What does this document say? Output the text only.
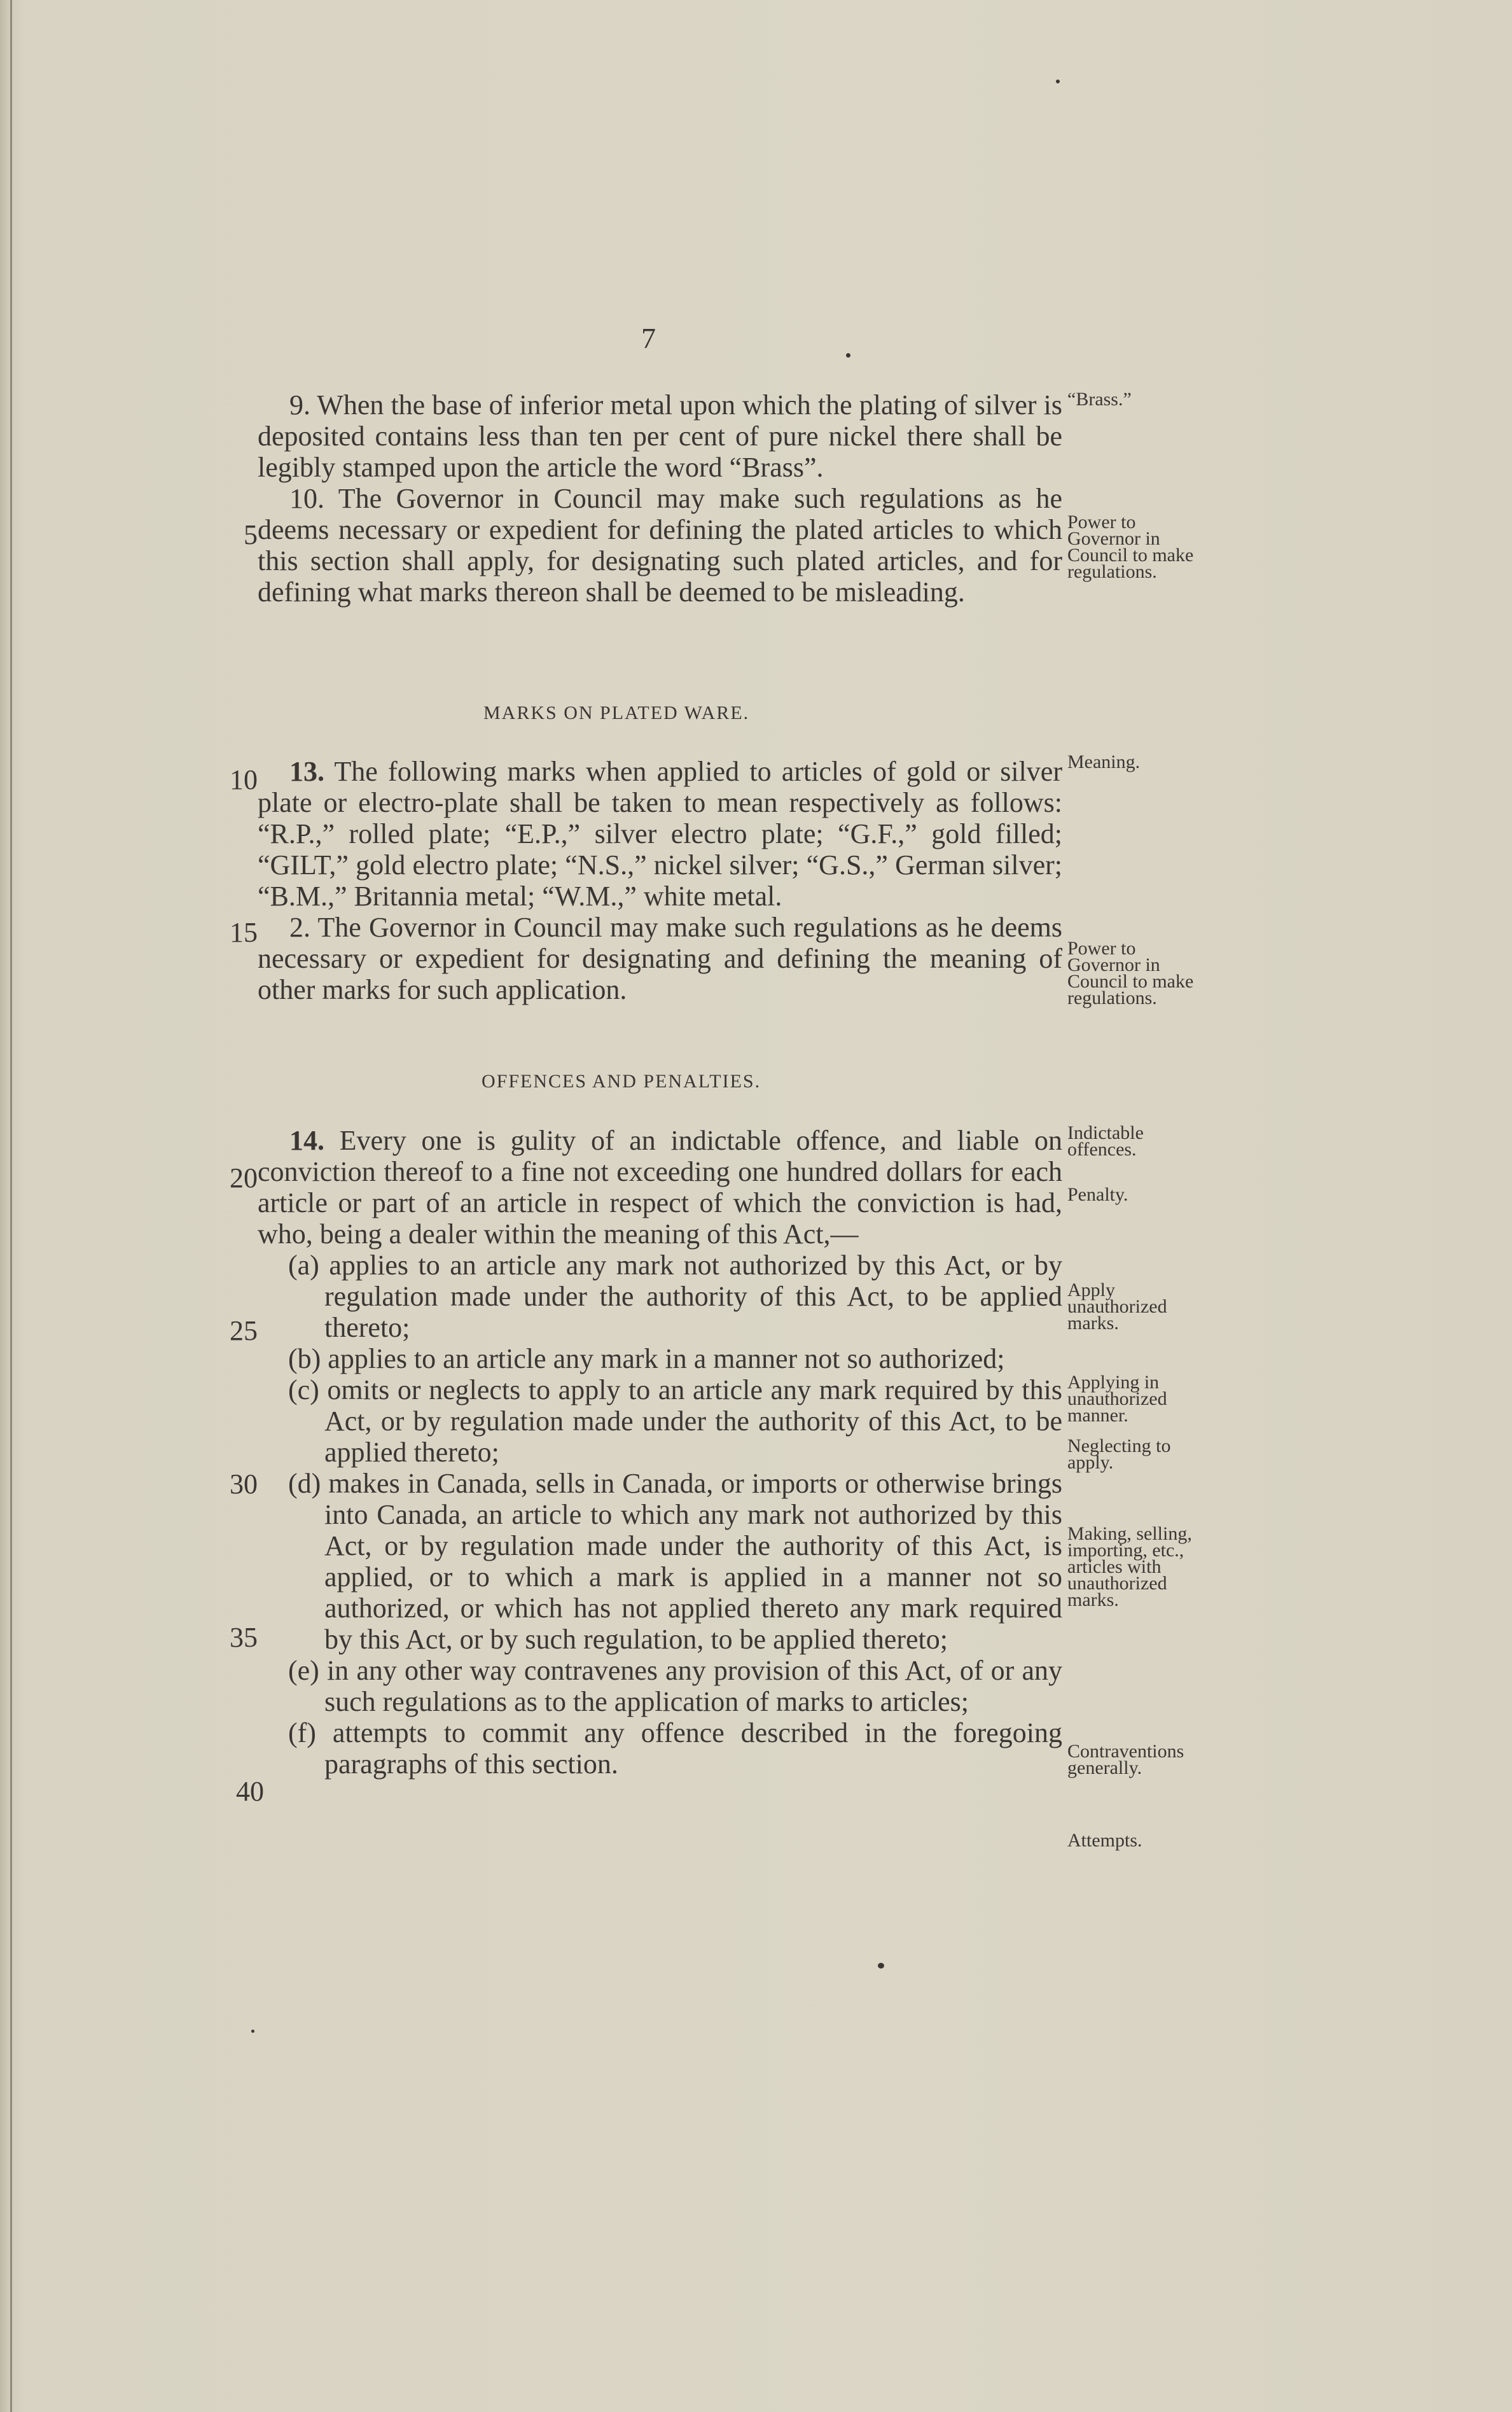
7
5
10
15
20
25
30
35
40

9. When the base of inferior metal upon which the plating of silver is deposited contains less than ten per cent of pure nickel there shall be legibly stamped upon the article the word “Brass”.

10. The Governor in Council may make such regulations as he deems necessary or expedient for defining the plated articles to which this section shall apply, for designating such plated articles, and for defining what marks thereon shall be deemed to be misleading.

MARKS ON PLATED WARE.

13. The following marks when applied to articles of gold or silver plate or electro-plate shall be taken to mean respectively as follows: “R.P.,” rolled plate; “E.P.,” silver electro plate; “G.F.,” gold filled; “GILT,” gold electro plate; “N.S.,” nickel silver; “G.S.,” German silver; “B.M.,” Britannia metal; “W.M.,” white metal.

2. The Governor in Council may make such regulations as he deems necessary or expedient for designating and defining the meaning of other marks for such application.

OFFENCES AND PENALTIES.

14. Every one is gulity of an indictable offence, and liable on conviction thereof to a fine not exceeding one hundred dollars for each article or part of an article in respect of which the conviction is had, who, being a dealer within the meaning of this Act,—

(a) applies to an article any mark not authorized by this Act, or by regulation made under the authority of this Act, to be applied thereto;

(b) applies to an article any mark in a manner not so authorized;

(c) omits or neglects to apply to an article any mark required by this Act, or by regulation made under the authority of this Act, to be applied thereto;

(d) makes in Canada, sells in Canada, or imports or otherwise brings into Canada, an article to which any mark not authorized by this Act, or by regulation made under the authority of this Act, is applied, or to which a mark is applied in a manner not so authorized, or which has not applied thereto any mark required by this Act, or by such regulation, to be applied thereto;

(e) in any other way contravenes any provision of this Act, of or any such regulations as to the application of marks to articles;

(f) attempts to commit any offence described in the foregoing paragraphs of this section.

“Brass.”
Power to Governor in Council to make regulations.
Meaning.
Power to Governor in Council to make regulations.
Indictable offences.
Penalty.
Apply unauthorized marks.
Applying in unauthorized manner.
Neglecting to apply.
Making, selling, importing, etc., articles with unauthorized marks.
Contraventions generally.
Attempts.
